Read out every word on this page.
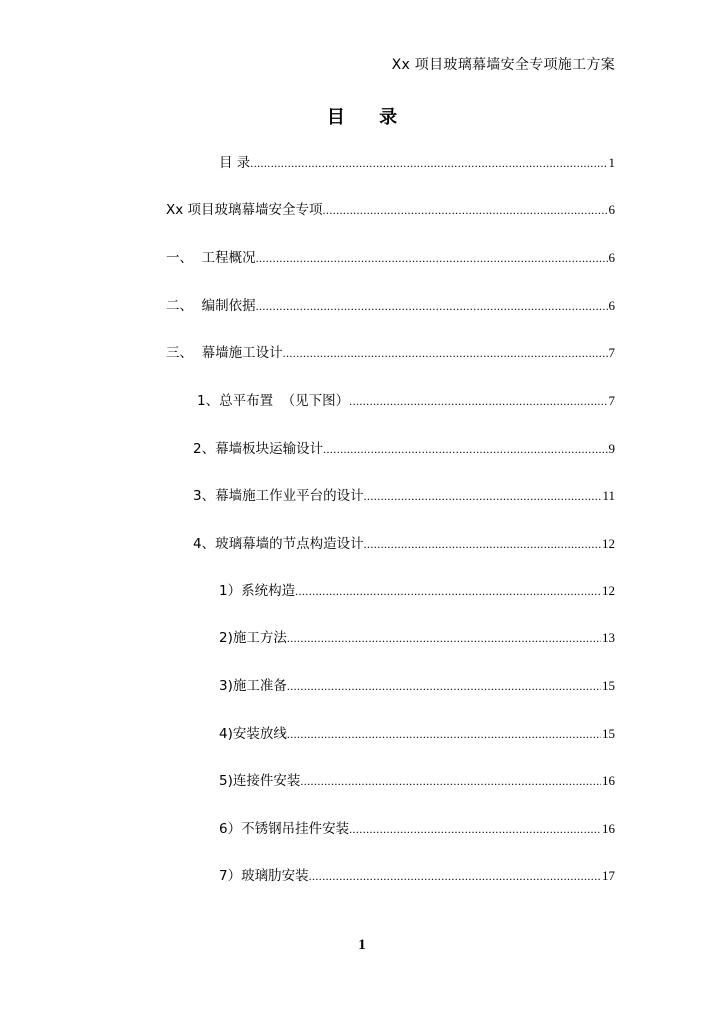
Xx 项目玻璃幕墙安全专项施工方案
目 录
目 录 .....	1
Xx 项目玻璃幕墙安全专项 .....	6
一、  工程概况 .....	6
二、  编制依据 .....	6
三、  幕墙施工设计 .....	7
1、总平布置  （见下图） .....	7
2、幕墙板块运输设计 .....	9
3、幕墙施工作业平台的设计 .....	11
4、玻璃幕墙的节点构造设计 .....	12
1）系统构造 .....	12
2)施工方法 .....	13
3)施工准备 .....	15
4)安装放线 .....	15
5)连接件安装 .....	16
6）不锈钢吊挂件安装 .....	16
7）玻璃肋安装 .....	17
1
